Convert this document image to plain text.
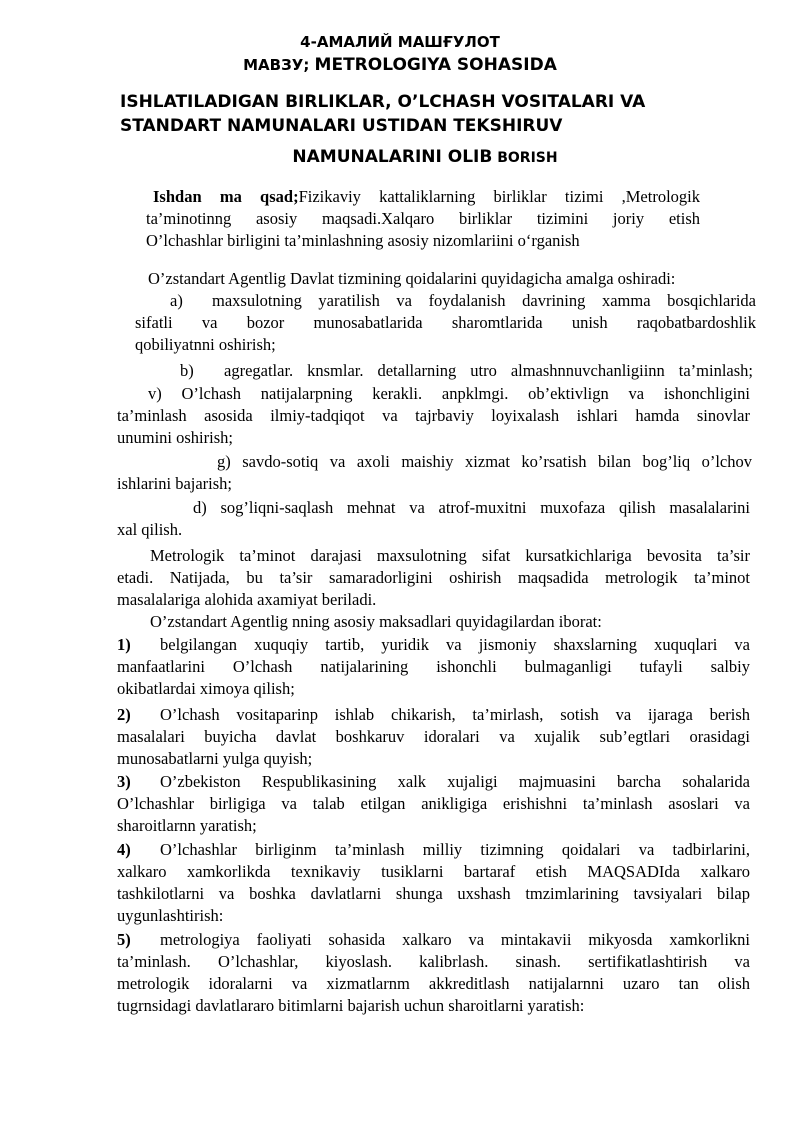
4-АМАЛИЙ МАШҒУЛОТ
МАВЗУ; METROLOGIYA SOHASIDA
ISHLATILADIGAN BIRLIKLAR, O’LCHASH VOSITALARI VA
STANDART NAMUNALARI USTIDAN TEKSHIRUV
NAMUNALARINI OLIB BORISH
Ishdan ma qsad;Fizikaviy kattaliklarning birliklar tizimi ,Metrologik
ta’minotinng asosiy maqsadi.Xalqaro birliklar tizimini joriy etish
O’lchashlar birligini ta’minlashning asosiy nizomlariini o‘rganish
O’zstandart Agentlig Davlat tizmining qoidalarini quyidagicha amalga oshiradi:
a) maxsulotning yaratilish va foydalanish davrining xamma bosqichlarida
sifatli va bozor munosabatlarida sharomtlarida unish raqobatbardoshlik
qobiliyatnni oshirish;
b) agregatlar. knsmlar. detallarning utro almashnnuvchanligiinn ta’minlash;
v) O’lchash natijalarpning kerakli. anpklmgi. ob’ektivlign va ishonchligini
ta’minlash asosida ilmiy-tadqiqot va tajrbaviy loyixalash ishlari hamda sinovlar
unumini oshirish;
g) savdo-sotiq va axoli maishiy xizmat ko’rsatish bilan bog’liq o’lchov
ishlarini bajarish;
d) sog’liqni-saqlash mehnat va atrof-muxitni muxofaza qilish masalalarini
xal qilish.
Metrologik ta’minot darajasi maxsulotning sifat kursatkichlariga bevosita ta’sir
etadi. Natijada, bu ta’sir samaradorligini oshirish maqsadida metrologik ta’minot
masalalariga alohida axamiyat beriladi.
O’zstandart Agentlig nning asosiy maksadlari quyidagilardan iborat:
1) belgilangan xuquqiy tartib, yuridik va jismoniy shaxslarning xuquqlari va
manfaatlarini O’lchash natijalarining ishonchli bulmaganligi tufayli salbiy
okibatlardai ximoya qilish;
2) O’lchash vositaparinp ishlab chikarish, ta’mirlash, sotish va ijaraga berish
masalalari buyicha davlat boshkaruv idoralari va xujalik sub’egtlari orasidagi
munosabatlarni yulga quyish;
3) O’zbekiston Respublikasining xalk xujaligi majmuasini barcha sohalarida
O’lchashlar birligiga va talab etilgan anikligiga erishishni ta’minlash asoslari va
sharoitlarnn yaratish;
4) O’lchashlar birliginm ta’minlash milliy tizimning qoidalari va tadbirlarini,
xalkaro xamkorlikda texnikaviy tusiklarni bartaraf etish MAQSADIda xalkaro
tashkilotlarni va boshka davlatlarni shunga uxshash tmzimlarining tavsiyalari bilap
uygunlashtirish:
5) metrologiya faoliyati sohasida xalkaro va mintakavii mikyosda xamkorlikni
ta’minlash. O’lchashlar, kiyoslash. kalibrlash. sinash. sertifikatlashtirish va
metrologik idoralarni va xizmatlarnm akkreditlash natijalarnni uzaro tan olish
tugrnsidagi davlatlararo bitimlarni bajarish uchun sharoitlarni yaratish:
